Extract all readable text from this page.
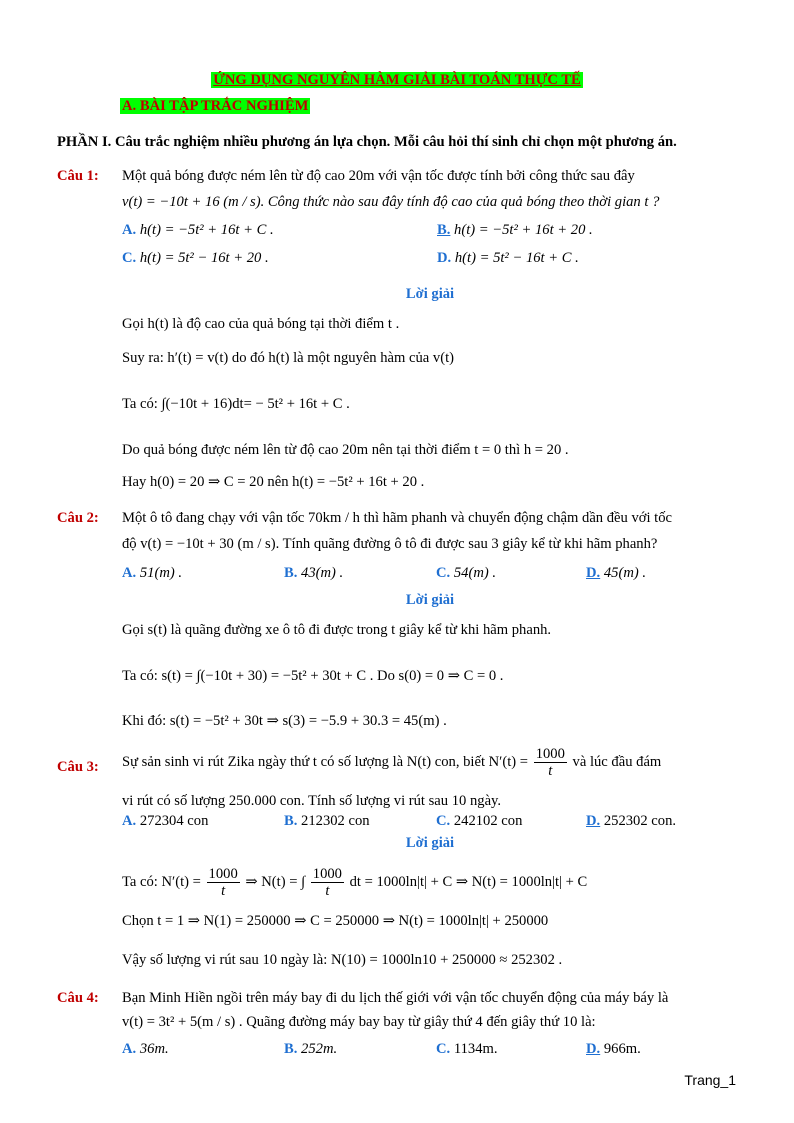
ỨNG DỤNG NGUYÊN HÀM GIẢI BÀI TOÁN THỰC TẾ
A. BÀI TẬP TRẮC NGHIỆM
PHẦN I. Câu trắc nghiệm nhiều phương án lựa chọn. Mỗi câu hỏi thí sinh chỉ chọn một phương án.
Câu 1: Một quả bóng được ném lên từ độ cao 20m với vận tốc được tính bởi công thức sau đây
v(t) = −10t + 16 (m / s). Công thức nào sau đây tính độ cao của quả bóng theo thời gian t ?
A. h(t) = −5t² + 16t + C .	B. h(t) = −5t² + 16t + 20 .
C. h(t) = 5t² − 16t + 20 .	D. h(t) = 5t² − 16t + C .
Lời giải
Gọi h(t) là độ cao của quả bóng tại thời điểm t .
Suy ra: h′(t) = v(t) do đó h(t) là một nguyên hàm của v(t)
Ta có: ∫(−10t + 16)dt= − 5t² + 16t + C .
Do quả bóng được ném lên từ độ cao 20m nên tại thời điểm t = 0 thì h = 20 .
Hay h(0) = 20 ⇒ C = 20 nên h(t) = −5t² + 16t + 20 .
Câu 2: Một ô tô đang chạy với vận tốc 70km / h thì hãm phanh và chuyển động chậm dần đều với tốc
độ v(t) = −10t + 30 (m / s). Tính quãng đường ô tô đi được sau 3 giây kể từ khi hãm phanh?
A. 51(m) .	B. 43(m) .	C. 54(m) .	D. 45(m) .
Lời giải
Gọi s(t) là quãng đường xe ô tô đi được trong t giây kể từ khi hãm phanh.
Ta có: s(t) = ∫(−10t + 30) = −5t² + 30t + C . Do s(0) = 0 ⇒ C = 0 .
Khi đó: s(t) = −5t² + 30t ⇒ s(3) = −5.9 + 30.3 = 45(m) .
Câu 3: Sự sản sinh vi rút Zika ngày thứ t có số lượng là N(t) con, biết $N'(t) = \frac{1000}{t}$ và lúc đầu đám
vi rút có số lượng 250.000 con. Tính số lượng vi rút sau 10 ngày.
A. 272304 con	B. 212302 con	C. 242102 con	D. 252302 con.
Lời giải
Ta có: $N'(t) = \frac{1000}{t}$ ⇒ N(t) = ∫ $\frac{1000}{t}$ dt = 1000ln|t| + C ⇒ N(t) = 1000ln|t| + C
Chọn t = 1 ⇒ N(1) = 250000 ⇒ C = 250000 ⇒ N(t) = 1000ln|t| + 250000
Vậy số lượng vi rút sau 10 ngày là: N(10) = 1000ln10 + 250000 ≈ 252302 .
Câu 4: Bạn Minh Hiền ngồi trên máy bay đi du lịch thế giới với vận tốc chuyển động của máy báy là
v(t) = 3t² + 5(m / s) . Quãng đường máy bay bay từ giây thứ 4 đến giây thứ 10 là:
A. 36m.	B. 252m.	C. 1134m.	D. 966m.
Trang_1
